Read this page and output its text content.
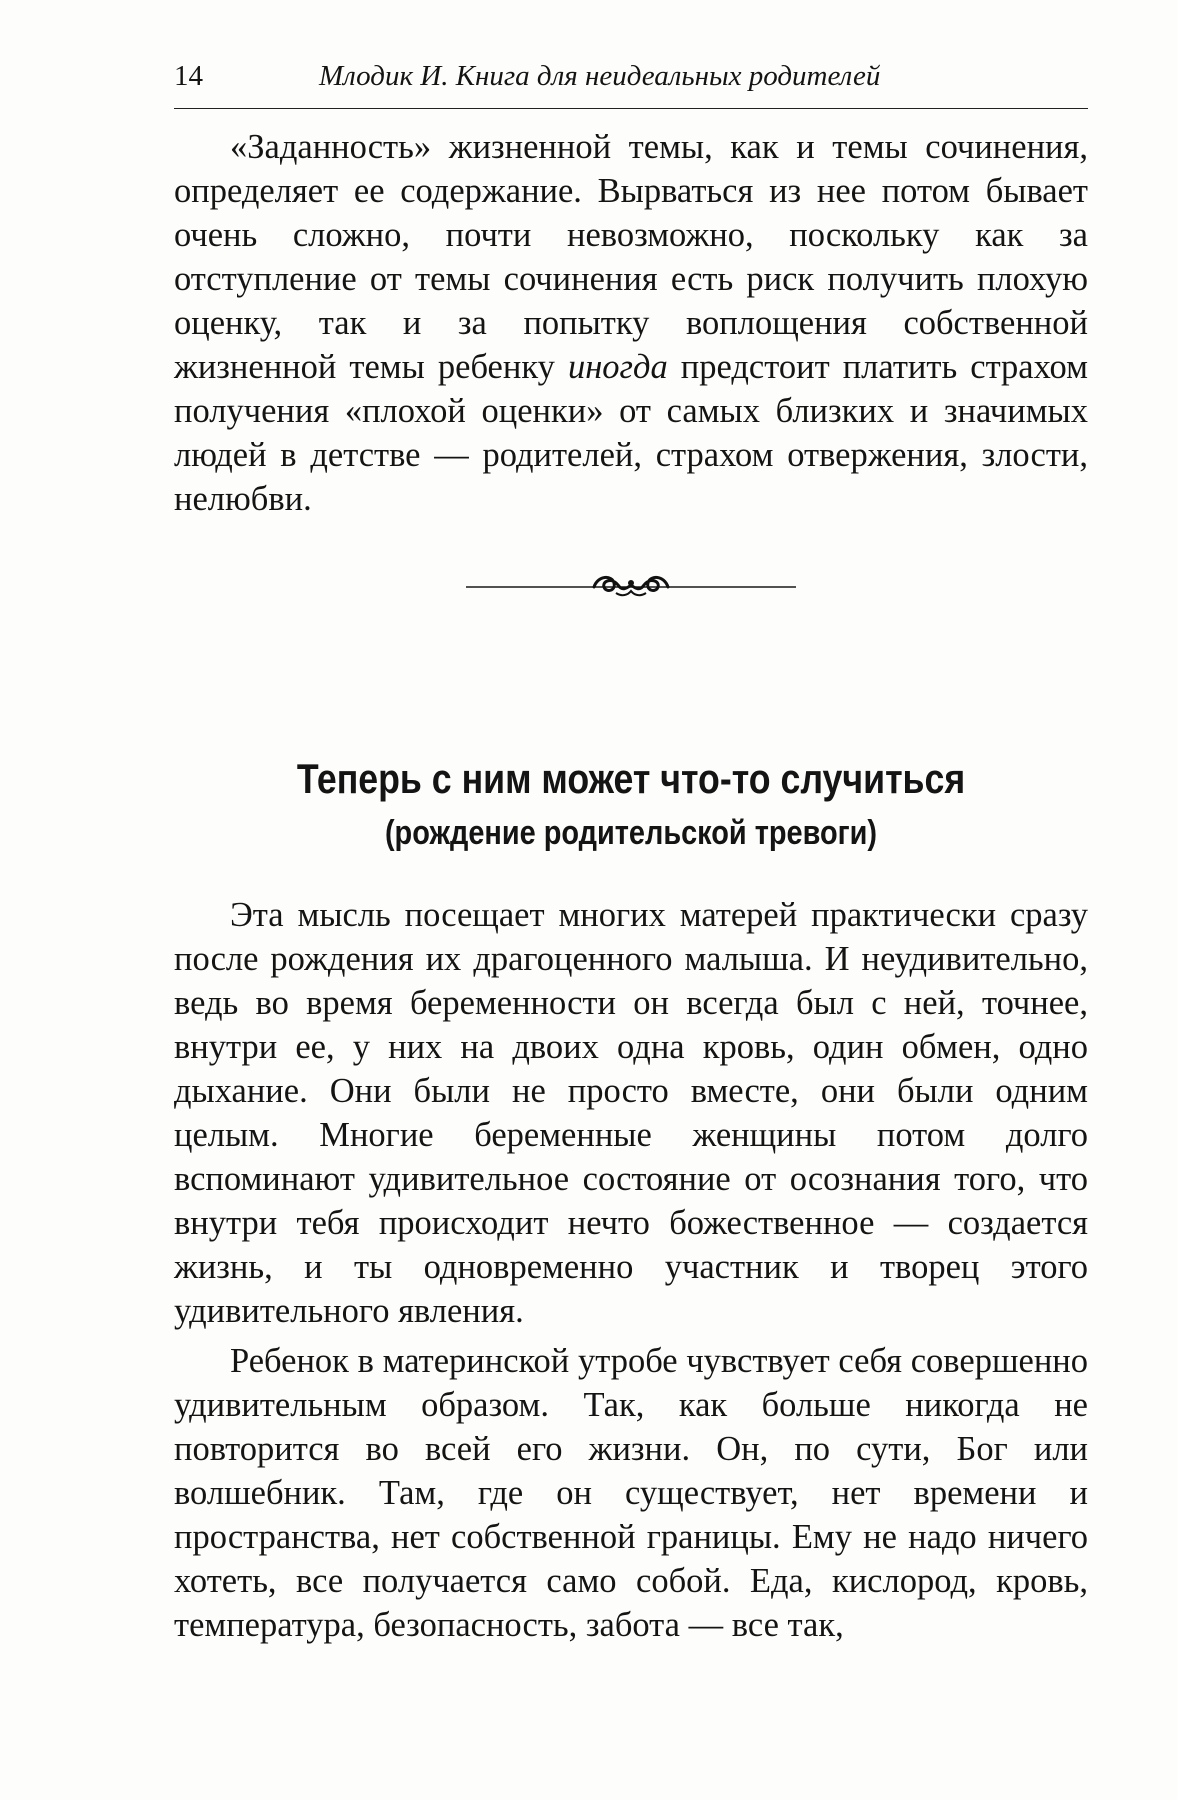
14	Млодик И. Книга для неидеальных родителей

«Заданность» жизненной темы, как и темы сочинения, определяет ее содержание. Вырваться из нее потом бывает очень сложно, почти невозможно, поскольку как за отступление от темы сочинения есть риск получить плохую оценку, так и за попытку воплощения собственной жизненной темы ребенку иногда предстоит платить страхом получения «плохой оценки» от самых близких и значимых людей в детстве — родителей, страхом отвержения, злости, нелюбви.

Теперь с ним может что-то случиться
(рождение родительской тревоги)

Эта мысль посещает многих матерей практически сразу после рождения их драгоценного малыша. И неудивительно, ведь во время беременности он всегда был с ней, точнее, внутри ее, у них на двоих одна кровь, один обмен, одно дыхание. Они были не просто вместе, они были одним целым. Многие беременные женщины потом долго вспоминают удивительное состояние от осознания того, что внутри тебя происходит нечто божественное — создается жизнь, и ты одновременно участник и творец этого удивительного явления.

Ребенок в материнской утробе чувствует себя совершенно удивительным образом. Так, как больше никогда не повторится во всей его жизни. Он, по сути, Бог или волшебник. Там, где он существует, нет времени и пространства, нет собственной границы. Ему не надо ничего хотеть, все получается само собой. Еда, кислород, кровь, температура, безопасность, забота — все так,
